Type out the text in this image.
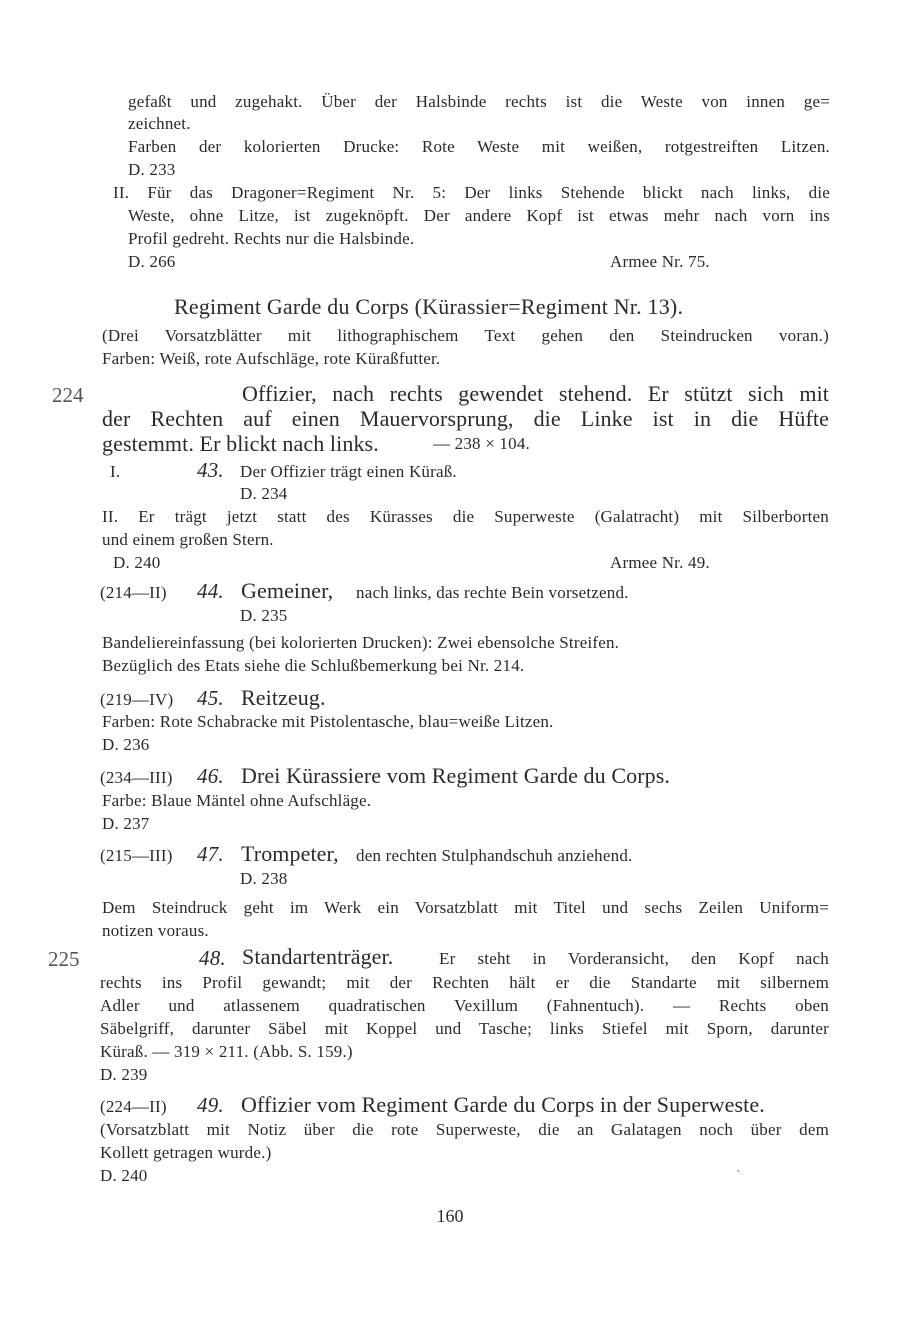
gefaßt und zugehakt. Über der Halsbinde rechts ist die Weste von innen ge=
zeichnet.
Farben der kolorierten Drucke: Rote Weste mit weißen, rotgestreiften Litzen.
D. 233
II. Für das Dragoner=Regiment Nr. 5: Der links Stehende blickt nach links, die
Weste, ohne Litze, ist zugeknöpft. Der andere Kopf ist etwas mehr nach vorn ins
Profil gedreht. Rechts nur die Halsbinde.
D. 266	Armee Nr. 75.
Regiment Garde du Corps (Kürassier=Regiment Nr. 13).
(Drei Vorsatzblätter mit lithographischem Text gehen den Steindrucken voran.)
Farben: Weiß, rote Aufschläge, rote Küraßfutter.
224	Offizier, nach rechts gewendet stehend. Er stützt sich mit
der Rechten auf einen Mauervorsprung, die Linke ist in die Hüfte
gestemmt. Er blickt nach links.	— 238 × 104.
I.	43. Der Offizier trägt einen Küraß.
D. 234
II. Er trägt jetzt statt des Kürasses die Superweste (Galatracht) mit Silberborten
und einem großen Stern.
D. 240	Armee Nr. 49.
(214—II) 44. Gemeiner, nach links, das rechte Bein vorsetzend.
D. 235
Bandeliereinfassung (bei kolorierten Drucken): Zwei ebensolche Streifen.
Bezüglich des Etats siehe die Schlußbemerkung bei Nr. 214.
(219—IV) 45. Reitzeug.
Farben: Rote Schabracke mit Pistolentasche, blau=weiße Litzen.
D. 236
(234—III) 46. Drei Kürassiere vom Regiment Garde du Corps.
Farbe: Blaue Mäntel ohne Aufschläge.
D. 237
(215—III) 47. Trompeter, den rechten Stulphandschuh anziehend.
D. 238
Dem Steindruck geht im Werk ein Vorsatzblatt mit Titel und sechs Zeilen Uniform=
notizen voraus.
225	48. Standartenträger.	Er steht in Vorderansicht, den Kopf nach
rechts ins Profil gewandt; mit der Rechten hält er die Standarte mit silbernem
Adler und atlassenem quadratischen Vexillum (Fahnentuch). — Rechts oben
Säbelgriff, darunter Säbel mit Koppel und Tasche; links Stiefel mit Sporn, darunter
Küraß. — 319 × 211. (Abb. S. 159.)
D. 239
(224—II) 49. Offizier vom Regiment Garde du Corps in der Superweste.
(Vorsatzblatt mit Notiz über die rote Superweste, die an Galatagen noch über dem
Kollett getragen wurde.)
D. 240
ˏ
160
